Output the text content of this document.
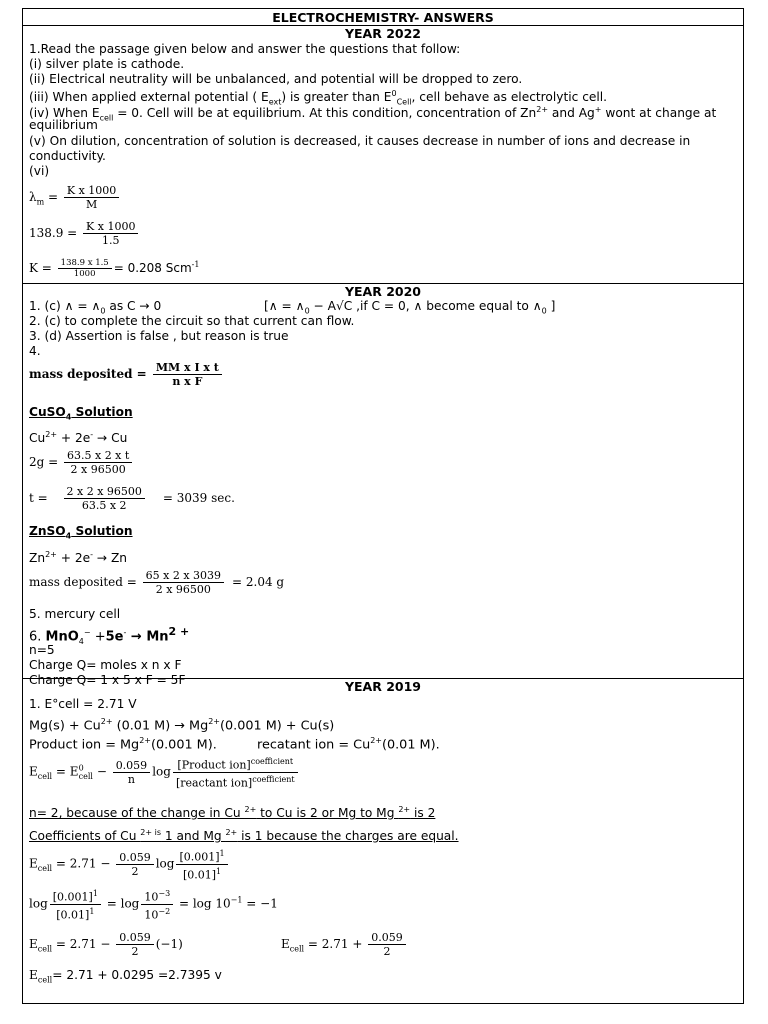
ELECTROCHEMISTRY- ANSWERS
YEAR 2022
1.Read the passage given below and answer the questions that follow:
(i) silver plate is cathode.
(ii) Electrical neutrality will be unbalanced, and potential will be dropped to zero.
(iii) When applied external potential ( $E_{ext}$) is greater than $E^0_{Cell}$, cell behave as electrolytic cell.
(iv) When $E_{cell} = 0$. Cell will be at equilibrium. At this condition, concentration of $Zn^{2+}$ and Ag+ wont at change at
equilibrium
(v) On dilution, concentration of solution is decreased, it causes decrease in number of ions and decrease in
conductivity.
(vi)
$\lambda_m = \frac{\text{K x 1000}}{M}$
$138.9 = \frac{\text{K x 1000}}{1.5}$
$K = \frac{138.9 x 1.5}{1000} = 0.208$ Scm$^{-1}$
YEAR 2020
1. (c) ∧ = $\wedge_0$ as C → 0	[∧ = $\wedge_0 - A√C$ ,if C = 0, ∧ become equal to $\wedge_0$ ]
2. (c) to complete the circuit so that current can flow.
3. (d) Assertion is false , but reason is true
4.
mass deposited = $\frac{\text{MM x I x t}}{\text{n x F}}$
CuSO$_4$ Solution
$Cu^{2+} + 2e^- \to Cu$
$2g = \frac{\text{63.5 x 2 x t}}{2 x 96500}$
$t = \frac{2 x 2 x 96500}{63.5 x 2} = 3039$ sec.
ZnSO$_4$ Solution
$Zn^{2+} + 2e^- \to Zn$
mass deposited = $\frac{65 x 2 x 3039}{2 x 96500} = 2.04$ g
5. mercury cell
6. $MnO_4^- +5e^- \to Mn^{2 +}$
n=5
Charge Q= moles x n x F
Charge Q= 1 x 5 x F = 5F	YEAR 2019
1. E°cell = 2.71 V
$Mg(s) + Cu^{2+}$ (0.01 $M) \to Mg^{2+}(0.001$ M) + Cu(s)
Product ion = $Mg^{2+}(0.001$ M).	recatant ion = $Cu^{2+}(0.01$ M).
$E_{cell} = E^0_{cell} - \frac{0.059}{n}$ $\log \frac{[Product ion]^{coefficient}}{[reactant ion]^{coefficient}}$
n= 2, because of the change in Cu $^{2+}$ to Cu is 2 or Mg to Mg $^{2+}$ is 2
Coefficients of Cu $^{2+ is}$ 1 and Mg $^{2+}$ is 1 because the charges are equal.
$E_{cell} = 2.71 - \frac{0.059}{2}$ $\log \frac{[0.001]^1}{[0.01]^1}$
$\log \frac{[0.001]^1}{[0.01]^1} = \log \frac{10^{-3}}{10^{-2}} = \log 10^{-1} = -1$
$E_{cell} = 2.71 - \frac{0.059}{2} (-1)$	$E_{cell} = 2.71 + \frac{0.059}{2}$
$E_{cell}= 2.71 + 0.0295 =2.7395$ v
